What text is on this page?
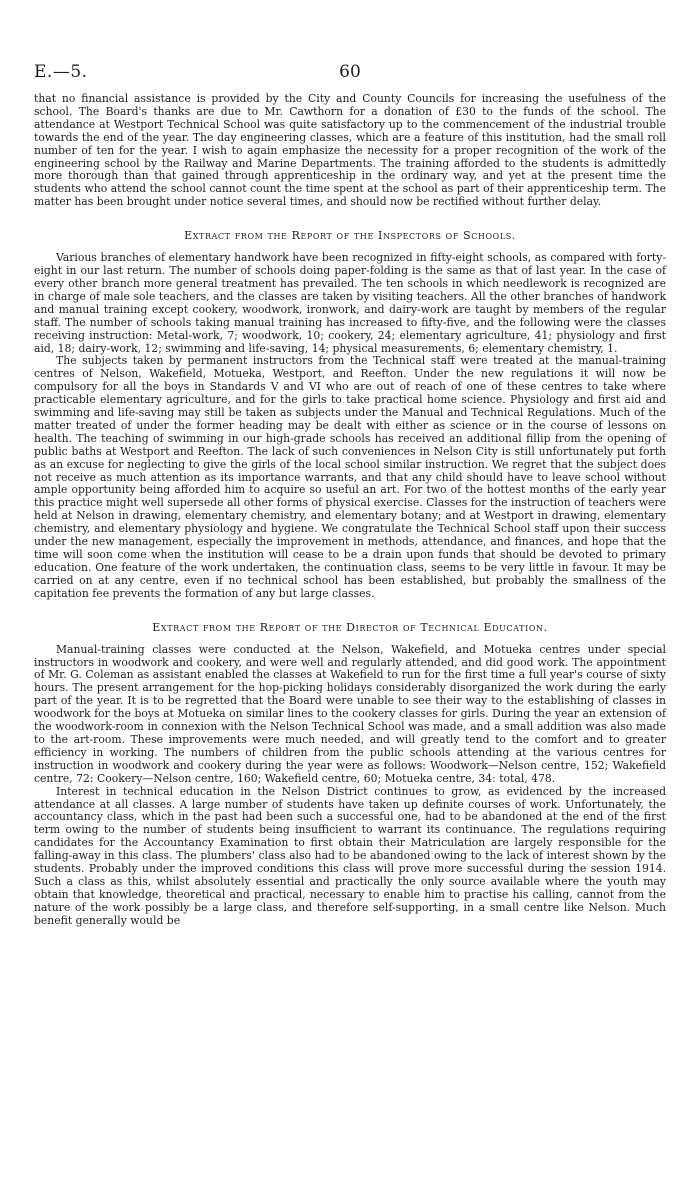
E.—5.	60

that no financial assistance is provided by the City and County Councils for increasing the usefulness of the school. The Board's thanks are due to Mr. Cawthorn for a donation of £30 to the funds of the school. The attendance at Westport Technical School was quite satisfactory up to the commencement of the industrial trouble towards the end of the year. The day engineering classes, which are a feature of this institution, had the small roll number of ten for the year. I wish to again emphasize the necessity for a proper recognition of the work of the engineering school by the Railway and Marine Departments. The training afforded to the students is admittedly more thorough than that gained through apprenticeship in the ordinary way, and yet at the present time the students who attend the school cannot count the time spent at the school as part of their apprenticeship term. The matter has been brought under notice several times, and should now be rectified without further delay.

Extract from the Report of the Inspectors of Schools.

Various branches of elementary handwork have been recognized in fifty-eight schools, as compared with forty-eight in our last return. The number of schools doing paper-folding is the same as that of last year. In the case of every other branch more general treatment has prevailed. The ten schools in which needlework is recognized are in charge of male sole teachers, and the classes are taken by visiting teachers. All the other branches of handwork and manual training except cookery, woodwork, ironwork, and dairy-work are taught by members of the regular staff. The number of schools taking manual training has increased to fifty-five, and the following were the classes receiving instruction: Metal-work, 7; woodwork, 10; cookery, 24; elementary agriculture, 41; physiology and first aid, 18; dairy-work, 12; swimming and life-saving, 14; physical measurements, 6; elementary chemistry, 1.

The subjects taken by permanent instructors from the Technical staff were treated at the manual-training centres of Nelson, Wakefield, Motueka, Westport, and Reefton. Under the new regulations it will now be compulsory for all the boys in Standards V and VI who are out of reach of one of these centres to take where practicable elementary agriculture, and for the girls to take practical home science. Physiology and first aid and swimming and life-saving may still be taken as subjects under the Manual and Technical Regulations. Much of the matter treated of under the former heading may be dealt with either as science or in the course of lessons on health. The teaching of swimming in our high-grade schools has received an additional fillip from the opening of public baths at Westport and Reefton. The lack of such conveniences in Nelson City is still unfortunately put forth as an excuse for neglecting to give the girls of the local school similar instruction. We regret that the subject does not receive as much attention as its importance warrants, and that any child should have to leave school without ample opportunity being afforded him to acquire so useful an art. For two of the hottest months of the early year this practice might well supersede all other forms of physical exercise. Classes for the instruction of teachers were held at Nelson in drawing, elementary chemistry, and elementary botany; and at Westport in drawing, elementary chemistry, and elementary physiology and hygiene. We congratulate the Technical School staff upon their success under the new management, especially the improvement in methods, attendance, and finances, and hope that the time will soon come when the institution will cease to be a drain upon funds that should be devoted to primary education. One feature of the work undertaken, the continuation class, seems to be very little in favour. It may be carried on at any centre, even if no technical school has been established, but probably the smallness of the capitation fee prevents the formation of any but large classes.

Extract from the Report of the Director of Technical Education.

Manual-training classes were conducted at the Nelson, Wakefield, and Motueka centres under special instructors in woodwork and cookery, and were well and regularly attended, and did good work. The appointment of Mr. G. Coleman as assistant enabled the classes at Wakefield to run for the first time a full year's course of sixty hours. The present arrangement for the hop-picking holidays considerably disorganized the work during the early part of the year. It is to be regretted that the Board were unable to see their way to the establishing of classes in woodwork for the boys at Motueka on similar lines to the cookery classes for girls. During the year an extension of the woodwork-room in connexion with the Nelson Technical School was made, and a small addition was also made to the art-room. These improvements were much needed, and will greatly tend to the comfort and to greater efficiency in working. The numbers of children from the public schools attending at the various centres for instruction in woodwork and cookery during the year were as follows: Woodwork—Nelson centre, 152; Wakefield centre, 72: Cookery—Nelson centre, 160; Wakefield centre, 60; Motueka centre, 34: total, 478.

Interest in technical education in the Nelson District continues to grow, as evidenced by the increased attendance at all classes. A large number of students have taken up definite courses of work. Unfortunately, the accountancy class, which in the past had been such a successful one, had to be abandoned at the end of the first term owing to the number of students being insufficient to warrant its continuance. The regulations requiring candidates for the Accountancy Examination to first obtain their Matriculation are largely responsible for the falling-away in this class. The plumbers' class also had to be abandoned owing to the lack of interest shown by the students. Probably under the improved conditions this class will prove more successful during the session 1914. Such a class as this, whilst absolutely essential and practically the only source available where the youth may obtain that knowledge, theoretical and practical, necessary to enable him to practise his calling, cannot from the nature of the work possibly be a large class, and therefore self-supporting, in a small centre like Nelson. Much benefit generally would be
